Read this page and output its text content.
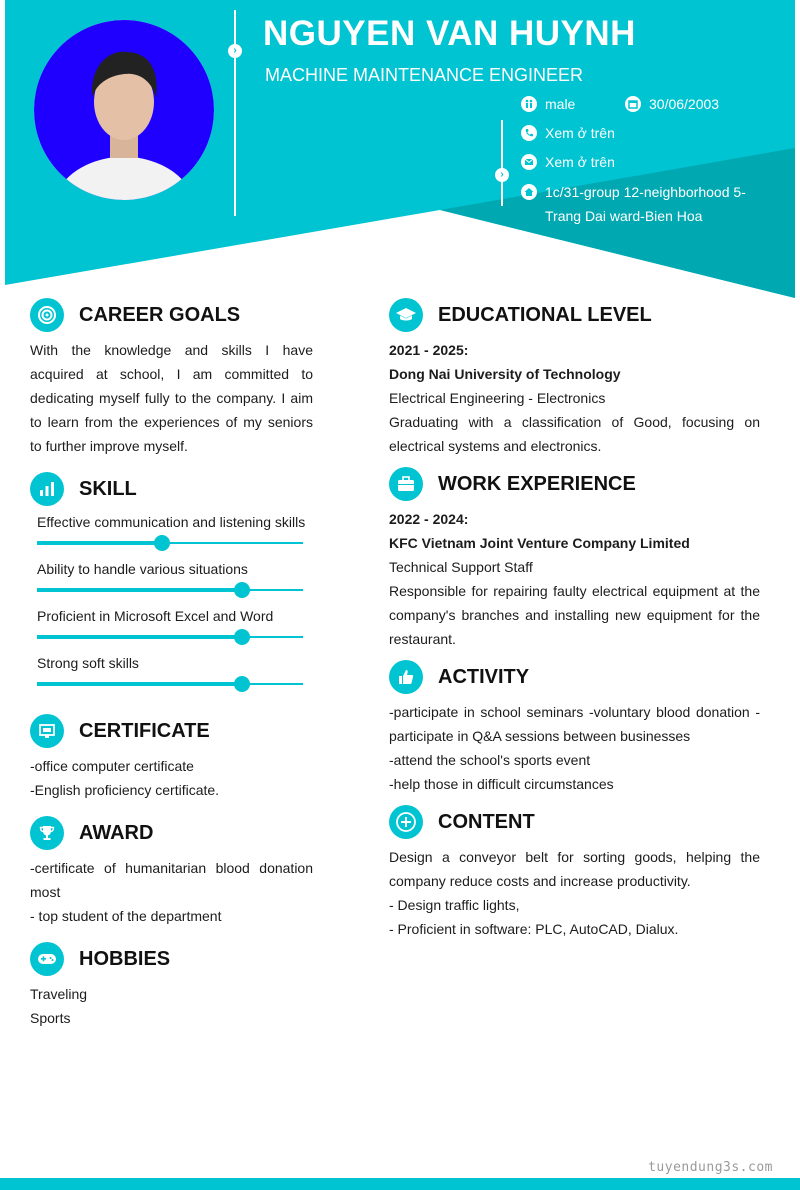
› NGUYEN VAN HUYNH
MACHINE MAINTENANCE ENGINEER
›
male	30/06/2003
Xem ở trên
Xem ở trên
1c/31-group 12-neighborhood 5-Trang Dai ward-Bien Hoa
CAREER GOALS
With the knowledge and skills I have acquired at school, I am committed to dedicating myself fully to the company. I aim to learn from the experiences of my seniors to further improve myself.
SKILL
Effective communication and listening skills
Ability to handle various situations
Proficient in Microsoft Excel and Word
Strong soft skills
CERTIFICATE
-office computer certificate
-English proficiency certificate.
AWARD
-certificate of humanitarian blood donation most
- top student of the department
HOBBIES
Traveling
Sports
EDUCATIONAL LEVEL
2021 - 2025:
Dong Nai University of Technology
Electrical Engineering - Electronics
Graduating with a classification of Good, focusing on electrical systems and electronics.
WORK EXPERIENCE
2022 - 2024:
KFC Vietnam Joint Venture Company Limited
Technical Support Staff
Responsible for repairing faulty electrical equipment at the company's branches and installing new equipment for the restaurant.
ACTIVITY
-participate in school seminars -voluntary blood donation -participate in Q&A sessions between businesses
-attend the school's sports event
-help those in difficult circumstances
CONTENT
Design a conveyor belt for sorting goods, helping the company reduce costs and increase productivity.
- Design traffic lights,
- Proficient in software: PLC, AutoCAD, Dialux.
tuyendung3s.com
